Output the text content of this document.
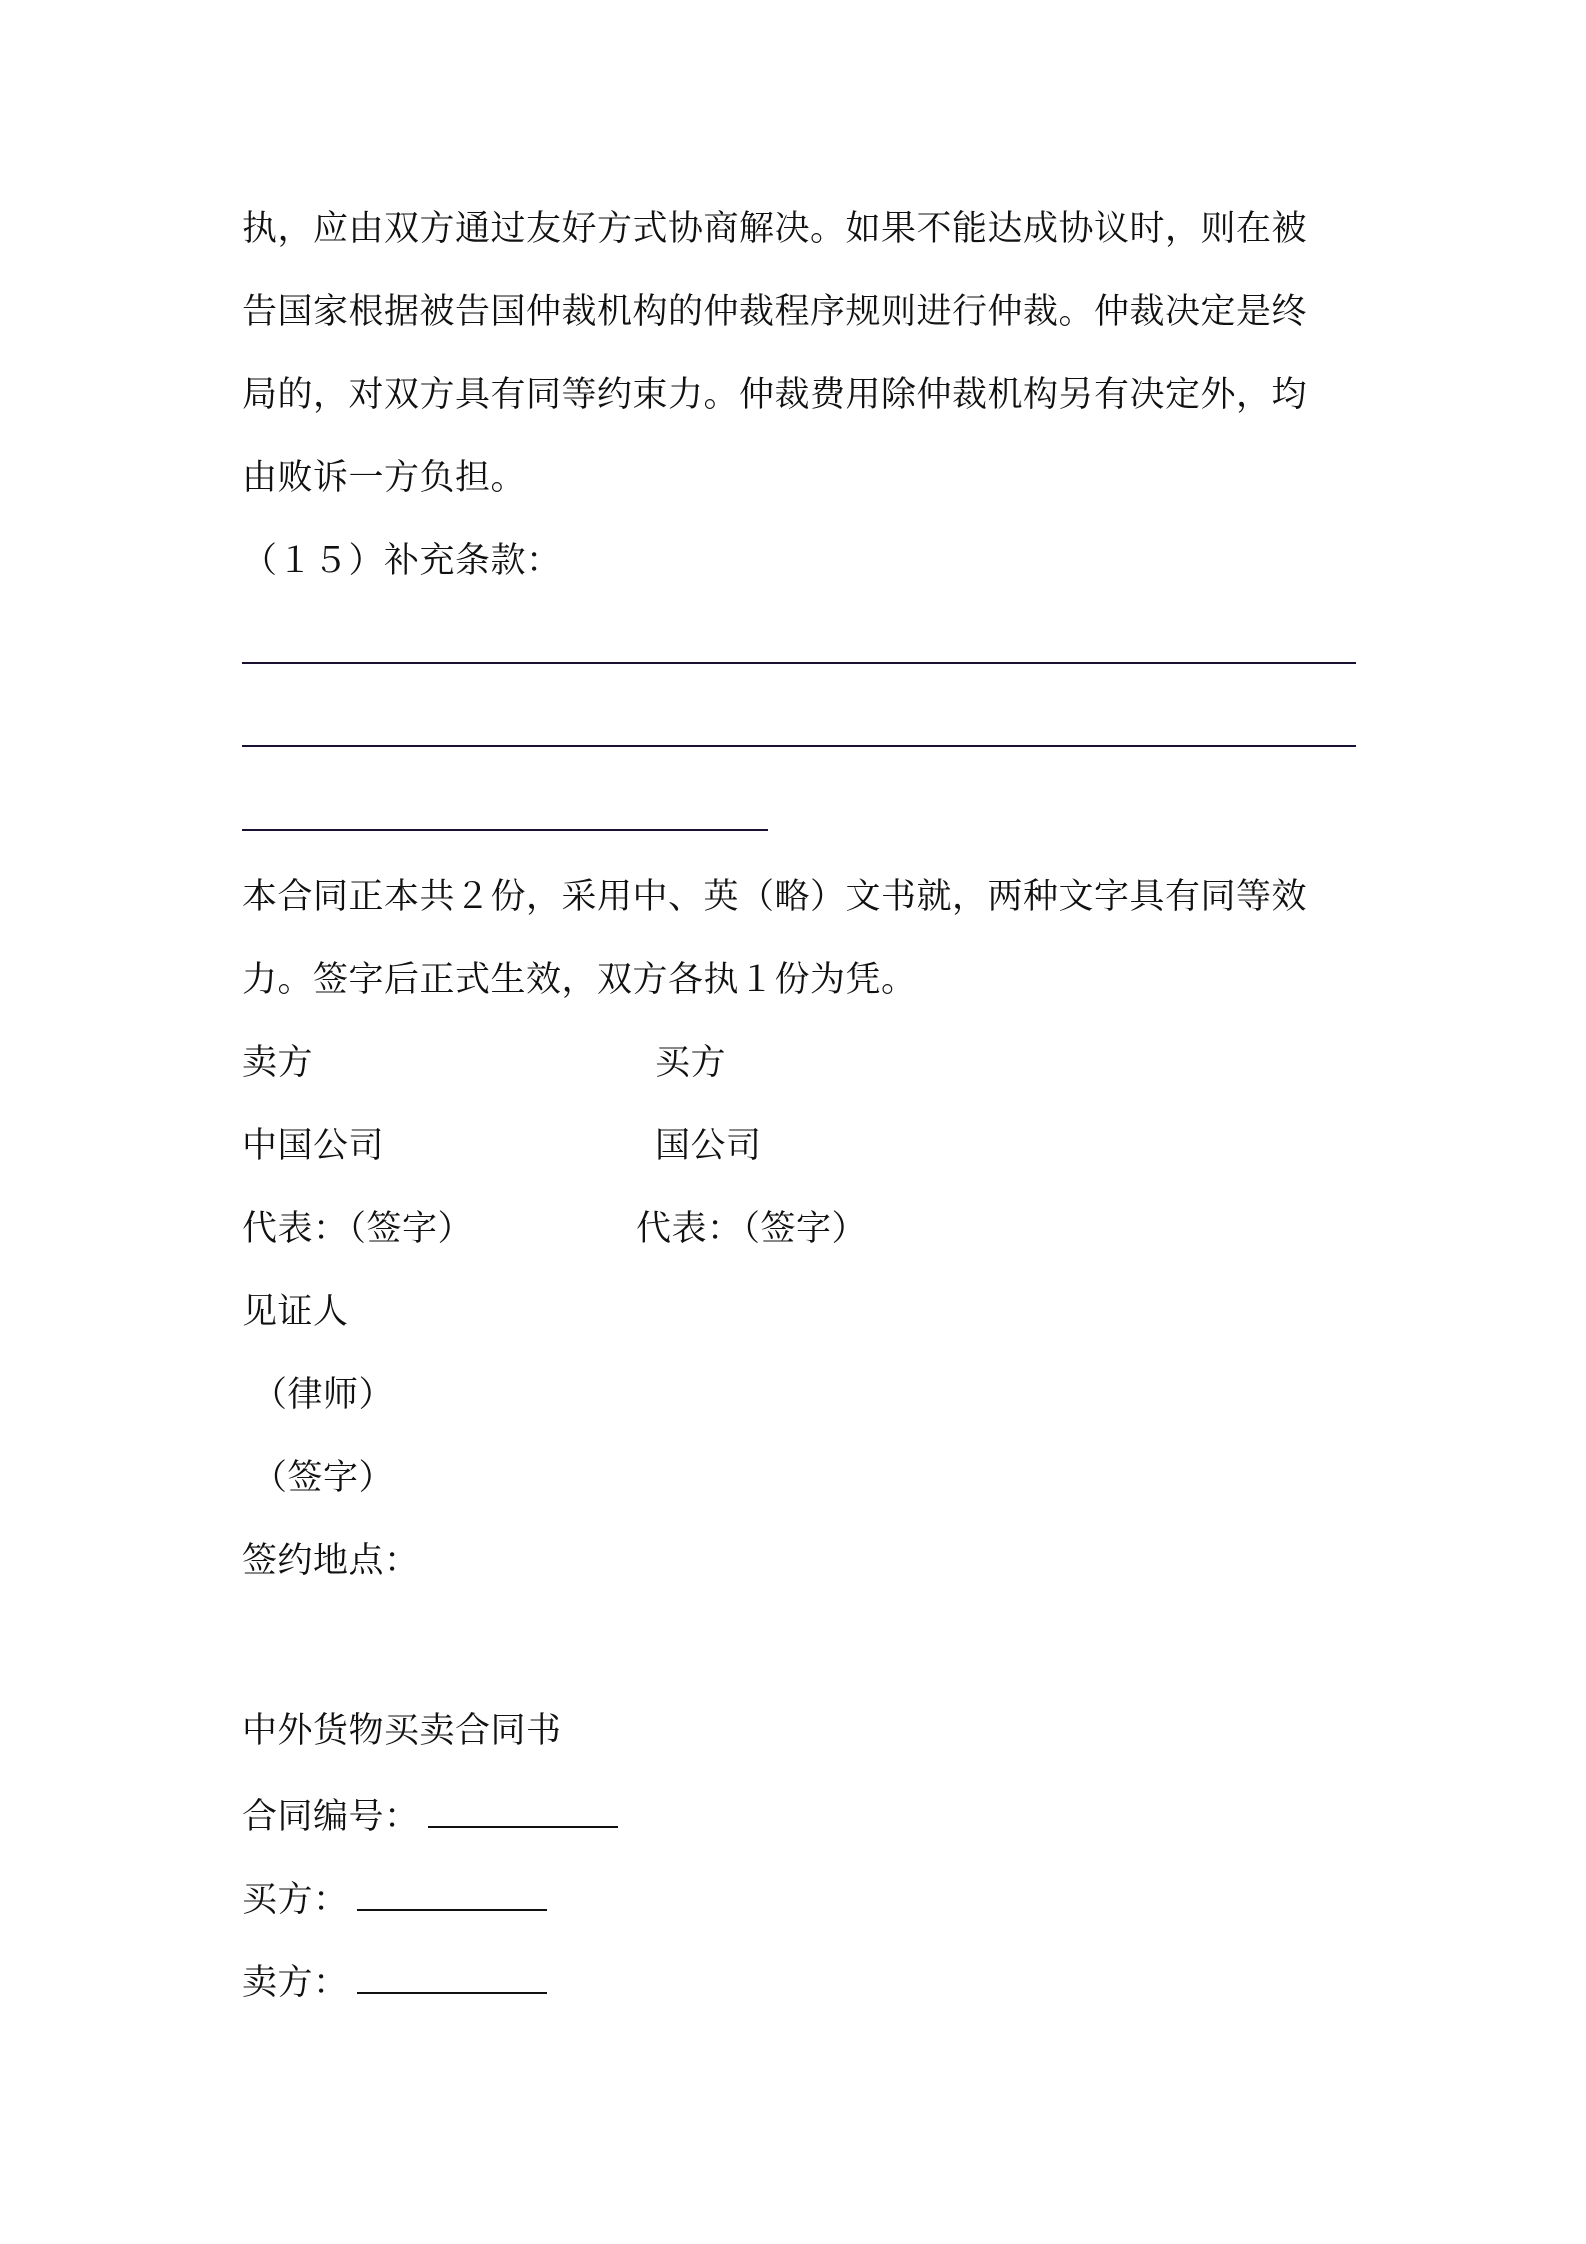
执，应由双方通过友好方式协商解决。如果不能达成协议时，则在被
告国家根据被告国仲裁机构的仲裁程序规则进行仲裁。仲裁决定是终
局的，对双方具有同等约束力。仲裁费用除仲裁机构另有决定外，均
由败诉一方负担。
（１５）补充条款：
本合同正本共２份，采用中、英（略）文书就，两种文字具有同等效
力。签字后正式生效，双方各执１份为凭。
卖方	买方
中国公司	国公司
代表：（签字）	代表：（签字）
见证人
（律师）
（签字）
签约地点：
中外货物买卖合同书
合同编号：
买方：
卖方：
